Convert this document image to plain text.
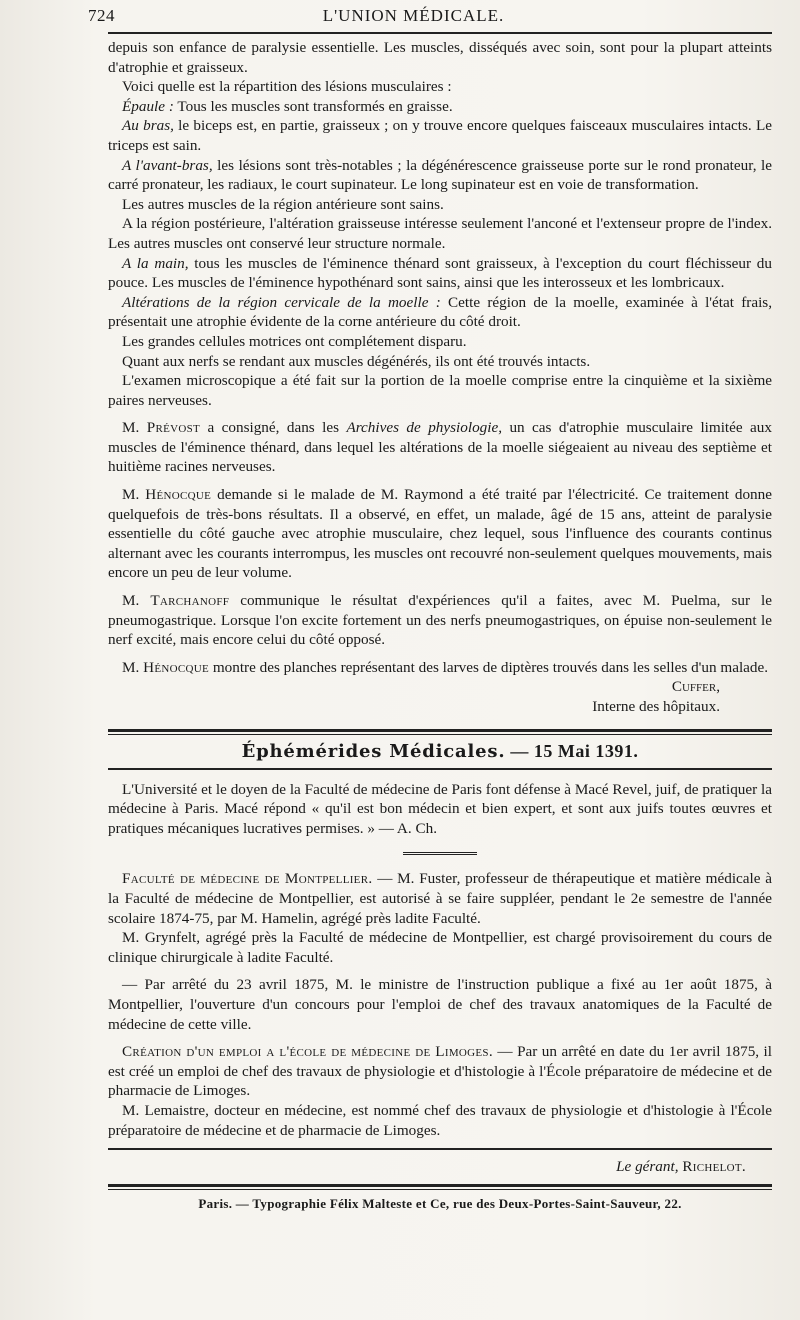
724	L'UNION MÉDICALE.

depuis son enfance de paralysie essentielle. Les muscles, disséqués avec soin, sont pour la plupart atteints d'atrophie et graisseux.

Voici quelle est la répartition des lésions musculaires :

Épaule : Tous les muscles sont transformés en graisse.

Au bras, le biceps est, en partie, graisseux ; on y trouve encore quelques faisceaux musculaires intacts. Le triceps est sain.

A l'avant-bras, les lésions sont très-notables ; la dégénérescence graisseuse porte sur le rond pronateur, le carré pronateur, les radiaux, le court supinateur. Le long supinateur est en voie de transformation.

Les autres muscles de la région antérieure sont sains.

A la région postérieure, l'altération graisseuse intéresse seulement l'anconé et l'extenseur propre de l'index. Les autres muscles ont conservé leur structure normale.

A la main, tous les muscles de l'éminence thénard sont graisseux, à l'exception du court fléchisseur du pouce. Les muscles de l'éminence hypothénard sont sains, ainsi que les interosseux et les lombricaux.

Altérations de la région cervicale de la moelle : Cette région de la moelle, examinée à l'état frais, présentait une atrophie évidente de la corne antérieure du côté droit.

Les grandes cellules motrices ont complétement disparu.

Quant aux nerfs se rendant aux muscles dégénérés, ils ont été trouvés intacts.

L'examen microscopique a été fait sur la portion de la moelle comprise entre la cinquième et la sixième paires nerveuses.

M. Prévost a consigné, dans les Archives de physiologie, un cas d'atrophie musculaire limitée aux muscles de l'éminence thénard, dans lequel les altérations de la moelle siégeaient au niveau des septième et huitième racines nerveuses.

M. Hénocque demande si le malade de M. Raymond a été traité par l'électricité. Ce traitement donne quelquefois de très-bons résultats. Il a observé, en effet, un malade, âgé de 15 ans, atteint de paralysie essentielle du côté gauche avec atrophie musculaire, chez lequel, sous l'influence des courants continus alternant avec les courants interrompus, les muscles ont recouvré non-seulement quelques mouvements, mais encore un peu de leur volume.

M. Tarchanoff communique le résultat d'expériences qu'il a faites, avec M. Puelma, sur le pneumogastrique. Lorsque l'on excite fortement un des nerfs pneumogastriques, on épuise non-seulement le nerf excité, mais encore celui du côté opposé.

M. Hénocque montre des planches représentant des larves de diptères trouvés dans les selles d'un malade.

Cuffer,

Interne des hôpitaux.

Éphémérides Médicales. — 15 Mai 1391.

L'Université et le doyen de la Faculté de médecine de Paris font défense à Macé Revel, juif, de pratiquer la médecine à Paris. Macé répond « qu'il est bon médecin et bien expert, et sont aux juifs toutes œuvres et pratiques mécaniques lucratives permises. » — A. Ch.

Faculté de médecine de Montpellier. — M. Fuster, professeur de thérapeutique et matière médicale à la Faculté de médecine de Montpellier, est autorisé à se faire suppléer, pendant le 2e semestre de l'année scolaire 1874-75, par M. Hamelin, agrégé près ladite Faculté.

M. Grynfelt, agrégé près la Faculté de médecine de Montpellier, est chargé provisoirement du cours de clinique chirurgicale à ladite Faculté.

— Par arrêté du 23 avril 1875, M. le ministre de l'instruction publique a fixé au 1er août 1875, à Montpellier, l'ouverture d'un concours pour l'emploi de chef des travaux anatomiques de la Faculté de médecine de cette ville.

Création d'un emploi a l'école de médecine de Limoges. — Par un arrêté en date du 1er avril 1875, il est créé un emploi de chef des travaux de physiologie et d'histologie à l'École préparatoire de médecine et de pharmacie de Limoges.

M. Lemaistre, docteur en médecine, est nommé chef des travaux de physiologie et d'histologie à l'École préparatoire de médecine et de pharmacie de Limoges.

Le gérant, Richelot.
Paris. — Typographie Félix Malteste et Ce, rue des Deux-Portes-Saint-Sauveur, 22.
